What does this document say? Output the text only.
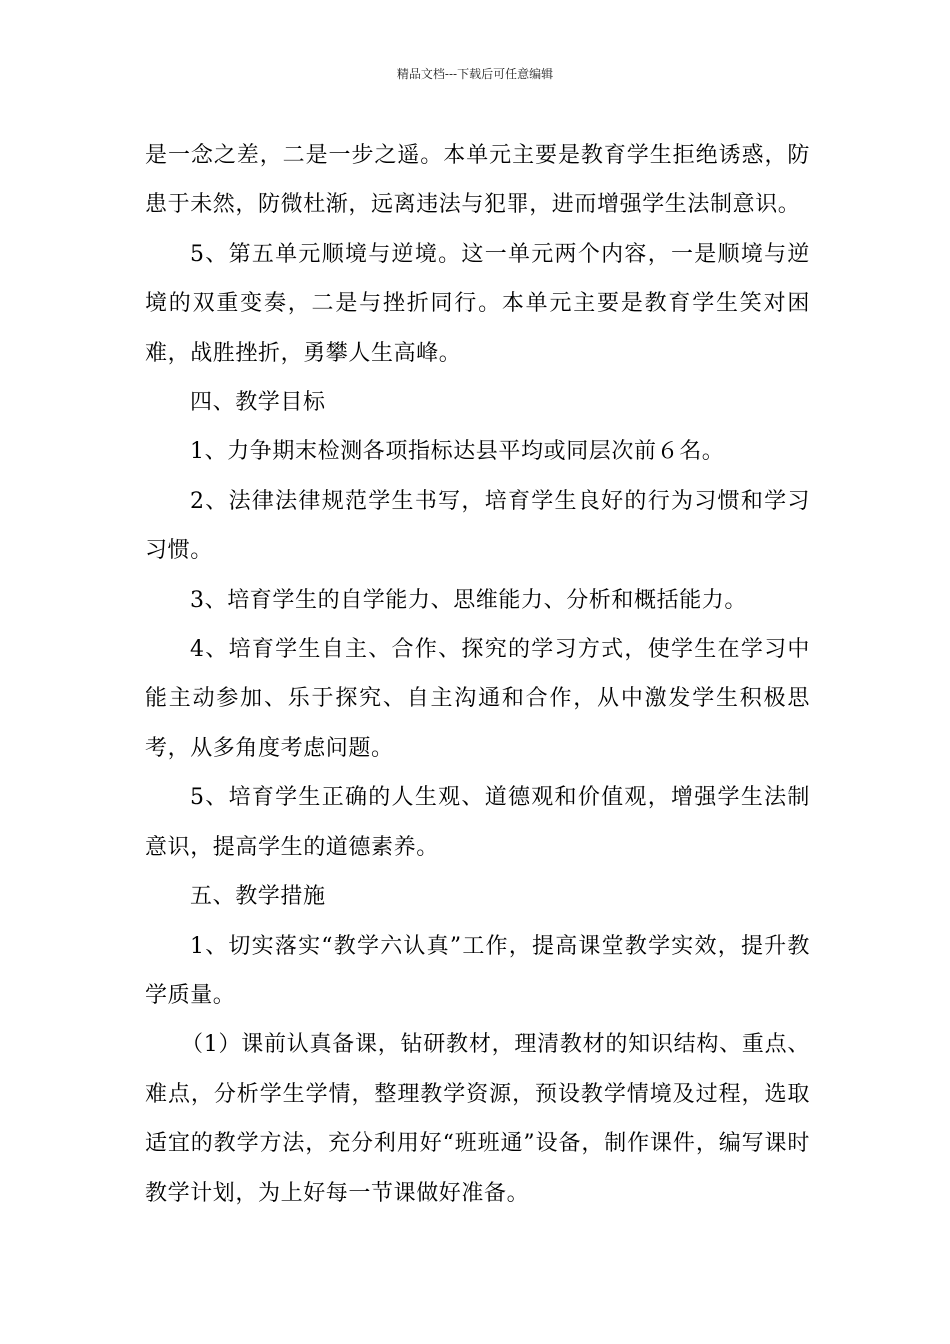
精品文档---下载后可任意编辑

是一念之差，二是一步之遥。本单元主要是教育学生拒绝诱惑，防患于未然，防微杜渐，远离违法与犯罪，进而增强学生法制意识。

5、第五单元顺境与逆境。这一单元两个内容，一是顺境与逆境的双重变奏，二是与挫折同行。本单元主要是教育学生笑对困难，战胜挫折，勇攀人生高峰。

四、教学目标

1、力争期末检测各项指标达县平均或同层次前６名。

2、法律法律规范学生书写，培育学生良好的行为习惯和学习习惯。

3、培育学生的自学能力、思维能力、分析和概括能力。

4、培育学生自主、合作、探究的学习方式，使学生在学习中能主动参加、乐于探究、自主沟通和合作，从中激发学生积极思考，从多角度考虑问题。

5、培育学生正确的人生观、道德观和价值观，增强学生法制意识，提高学生的道德素养。

五、教学措施

1、切实落实“教学六认真”工作，提高课堂教学实效，提升教学质量。

（1）课前认真备课，钻研教材，理清教材的知识结构、重点、难点，分析学生学情，整理教学资源，预设教学情境及过程，选取适宜的教学方法，充分利用好“班班通”设备，制作课件，编写课时教学计划，为上好每一节课做好准备。
